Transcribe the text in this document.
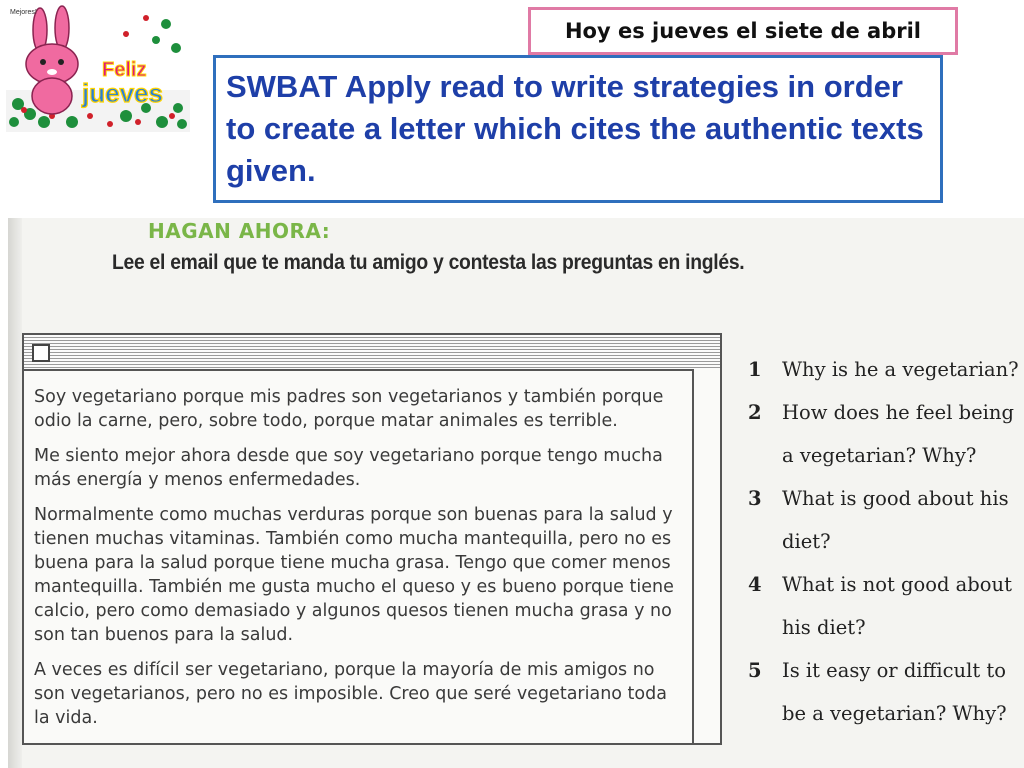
Mejores!
Feliz
jueves
Hoy es jueves el siete de abril

SWBAT Apply read to write strategies in order to create a letter which cites the authentic texts given.

HAGAN AHORA:
Lee el email que te manda tu amigo y contesta las preguntas en inglés.

Soy vegetariano porque mis padres son vegetarianos y también porque odio la carne, pero, sobre todo, porque matar animales es terrible.

Me siento mejor ahora desde que soy vegetariano porque tengo mucha más energía y menos enfermedades.

Normalmente como muchas verduras porque son buenas para la salud y tienen muchas vitaminas. También como mucha mantequilla, pero no es buena para la salud porque tiene mucha grasa. Tengo que comer menos mantequilla. También me gusta mucho el queso y es bueno porque tiene calcio, pero como demasiado y algunos quesos tienen mucha grasa y no son tan buenos para la salud.

A veces es difícil ser vegetariano, porque la mayoría de mis amigos no son vegetarianos, pero no es imposible. Creo que seré vegetariano toda la vida.

1	Why is he a vegetarian?
2	How does he feel being a vegetarian? Why?
3	What is good about his diet?
4	What is not good about his diet?
5	Is it easy or difficult to be a vegetarian? Why?
